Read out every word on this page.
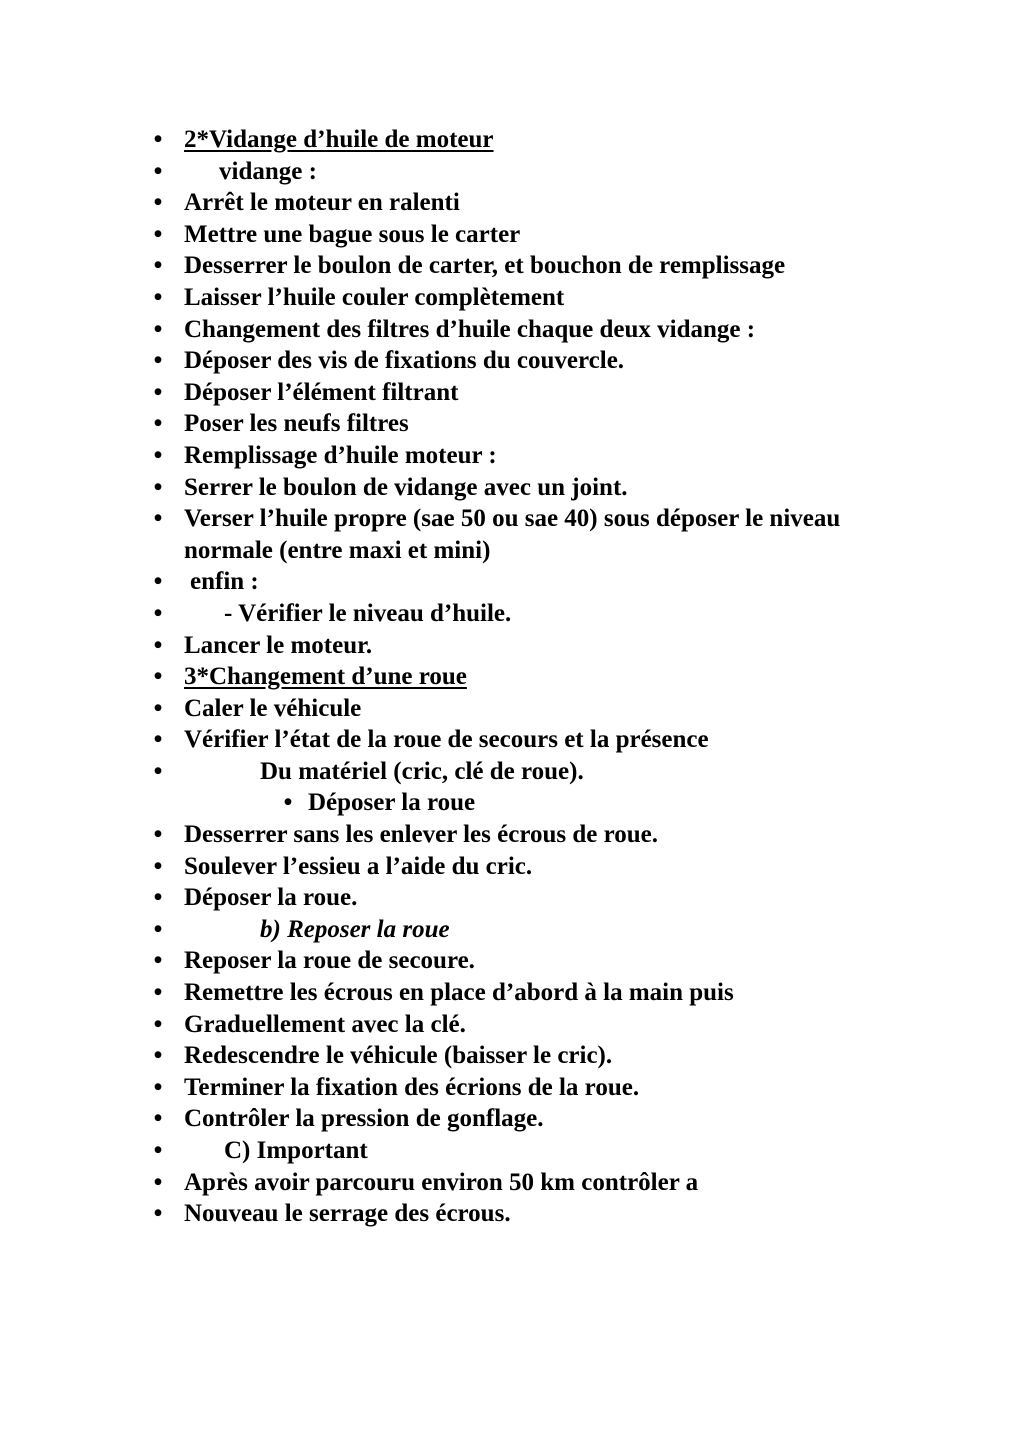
• 2*Vidange d’huile de moteur
• vidange :
• Arrêt le moteur en ralenti
• Mettre une bague sous le carter
• Desserrer le boulon de carter, et bouchon de remplissage
• Laisser l’huile couler complètement
• Changement des filtres d’huile chaque deux vidange :
• Déposer des vis de fixations du couvercle.
• Déposer l’élément filtrant
• Poser les neufs filtres
• Remplissage d’huile moteur :
• Serrer le boulon de vidange avec un joint.
• Verser l’huile propre (sae 50 ou sae 40) sous déposer le niveau normale (entre maxi et mini)
• enfin :
• - Vérifier le niveau d’huile.
• Lancer le moteur.
• 3*Changement d’une roue
• Caler le véhicule
• Vérifier l’état de la roue de secours et la présence
•	Du matériel (cric, clé de roue).
• Déposer la roue
• Desserrer sans les enlever les écrous de roue.
• Soulever l’essieu a l’aide du cric.
• Déposer la roue.
•	b) Reposer la roue
• Reposer la roue de secoure.
• Remettre les écrous en place d’abord à la main puis
• Graduellement avec la clé.
• Redescendre le véhicule (baisser le cric).
• Terminer la fixation des écrions de la roue.
• Contrôler la pression de gonflage.
• C) Important
• Après avoir parcouru environ 50 km contrôler a
• Nouveau le serrage des écrous.
